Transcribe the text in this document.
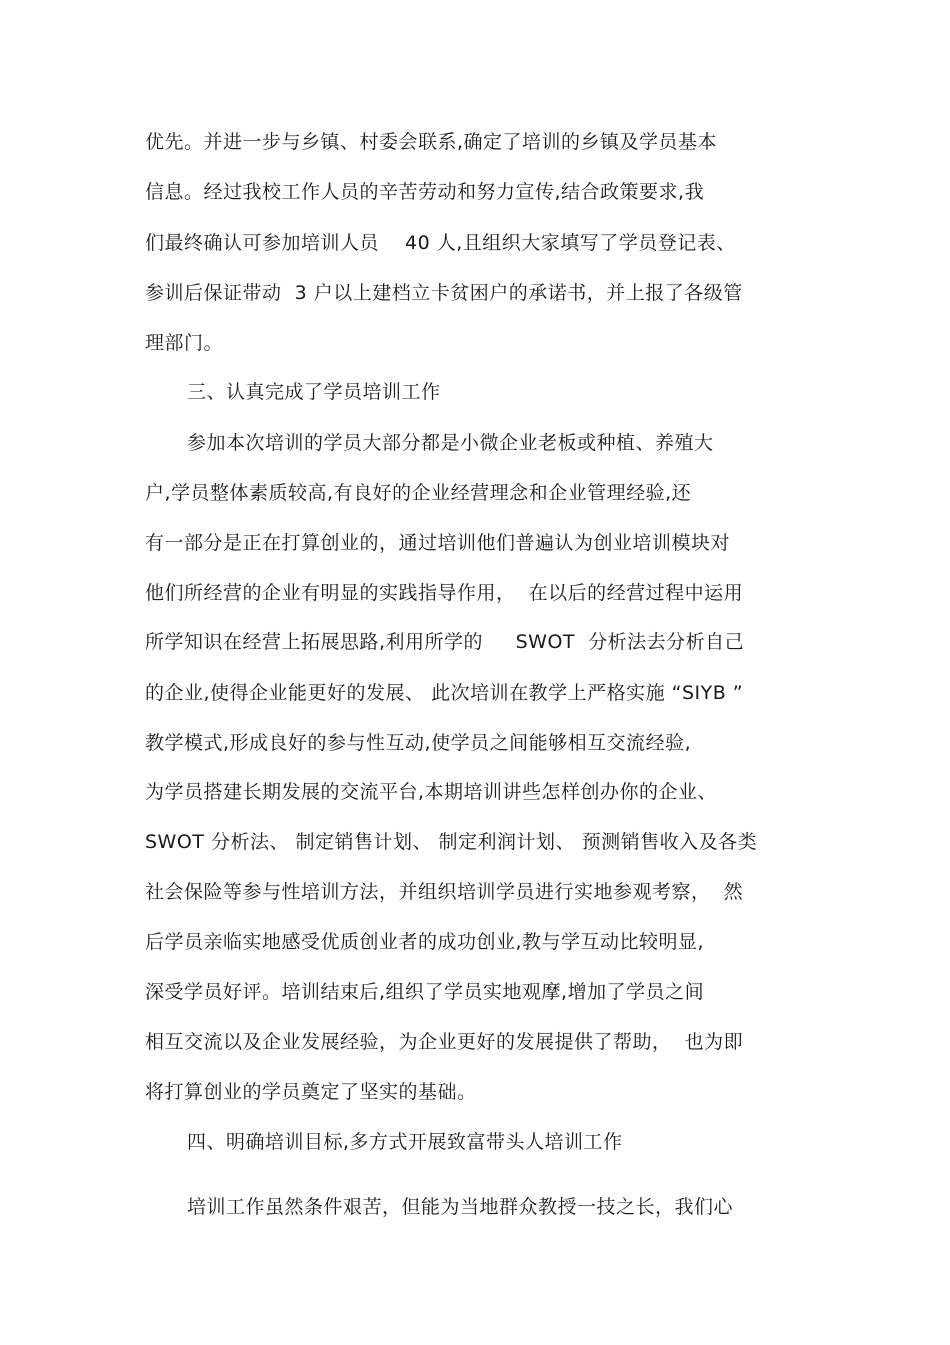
优先。并进一步与乡镇、村委会联系,确定了培训的乡镇及学员基本
信息。经过我校工作人员的辛苦劳动和努力宣传,结合政策要求,我
们最终确认可参加培训人员　 40 人,且组织大家填写了学员登记表、
参训后保证带动  3 户以上建档立卡贫困户的承诺书，并上报了各级管
理部门。
三、认真完成了学员培训工作
参加本次培训的学员大部分都是小微企业老板或种植、养殖大
户,学员整体素质较高,有良好的企业经营理念和企业管理经验,还
有一部分是正在打算创业的，通过培训他们普遍认为创业培训模块对
他们所经营的企业有明显的实践指导作用，  在以后的经营过程中运用
所学知识在经营上拓展思路,利用所学的　  SWOT  分析法去分析自己
的企业,使得企业能更好的发展、 此次培训在教学上严格实施 “SIYB ”
教学模式,形成良好的参与性互动,使学员之间能够相互交流经验,
为学员搭建长期发展的交流平台,本期培训讲些怎样创办你的企业、
SWOT 分析法、 制定销售计划、 制定利润计划、 预测销售收入及各类
社会保险等参与性培训方法，并组织培训学员进行实地参观考察，  然
后学员亲临实地感受优质创业者的成功创业,教与学互动比较明显,
深受学员好评。培训结束后,组织了学员实地观摩,增加了学员之间
相互交流以及企业发展经验，为企业更好的发展提供了帮助，  也为即
将打算创业的学员奠定了坚实的基础。
四、明确培训目标,多方式开展致富带头人培训工作
培训工作虽然条件艰苦，但能为当地群众教授一技之长，我们心
